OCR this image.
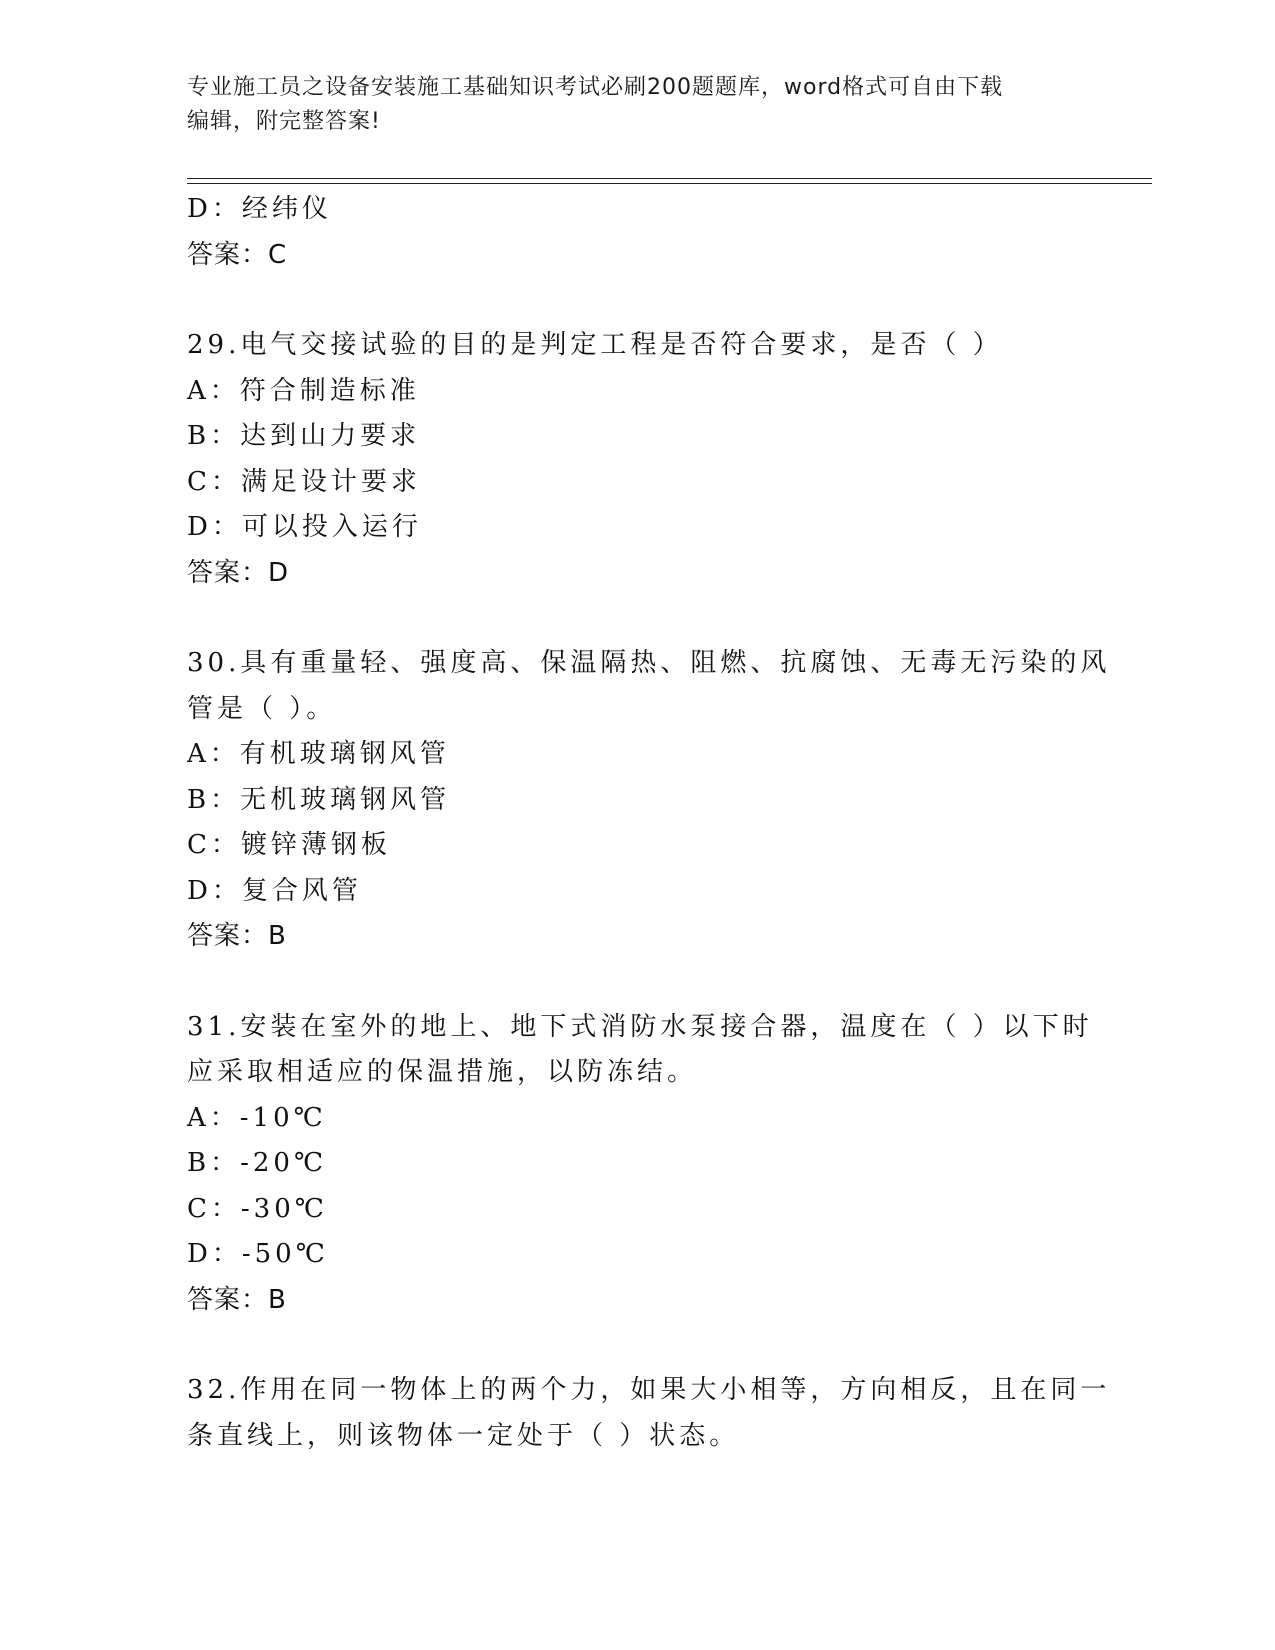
专业施工员之设备安装施工基础知识考试必刷200题题库，word格式可自由下载
编辑，附完整答案!
D：经纬仪
答案：C
29.电气交接试验的目的是判定工程是否符合要求，是否（ ）
A：符合制造标准
B：达到山力要求
C：满足设计要求
D：可以投入运行
答案：D
30.具有重量轻、强度高、保温隔热、阻燃、抗腐蚀、无毒无污染的风
管是（ ）。
A：有机玻璃钢风管
B：无机玻璃钢风管
C：镀锌薄钢板
D：复合风管
答案：B
31.安装在室外的地上、地下式消防水泵接合器，温度在（ ）以下时
应采取相适应的保温措施，以防冻结。
A：-10℃
B：-20℃
C：-30℃
D：-50℃
答案：B
32.作用在同一物体上的两个力，如果大小相等，方向相反，且在同一
条直线上，则该物体一定处于（ ）状态。
